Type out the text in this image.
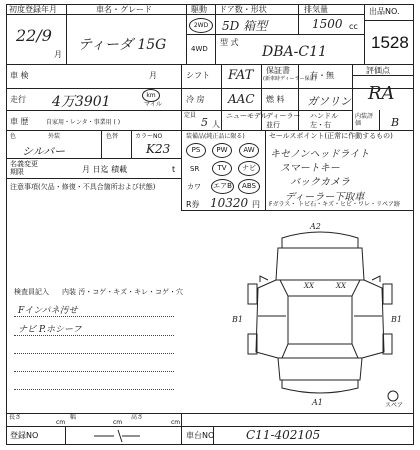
初度登録年月
22/9
月
車名・グレード
ティーダ 15G
駆動
2WD
4WD
ドア数・形状
5D 箱型
排気量
1500 cc
型 式
DBA-C11
出品NO.
1528
車 検	月	シフト FAT 保証書
(新車時ディーラー保証)
有・無
評価点
RA
走行 4万3901	km
マイル
冷 房 AAC 燃 料 ガソリン
車 歴	自家用・レンタ・事業用 ( )
定員
5 人
ニューモデル
ディーラー 並行
ハンドル
左・右
内装評価	B
色	外装	色替
シルバー
カラーNO
K23
名義変更期限	月 日迄 積載	t
注意事項(欠品・修復・不具合箇所および状態)
装備品(純正品に限る)
PS	PW	AW
SR	TV	ナビ
カワ エアB	ABS
R券 10320 円
セールスポイント(正常に作動するもの)
キセノンヘッドライト
スマートキー
バックカメラ
ディーラー下取車
Fガラス・ トビ石・キズ・ヒビ・ワレ・リペア跡
検査員記入 内装 汚・コゲ・キズ・キレ・コゲ・穴
Fインパネ汚せ
ナビ P.ホシーフ
A2
XX	XX
B1	B1
A1	スペア
長さ
cm
幅
cm
高さ
cm
登録NO	車台NO	C11-402105
